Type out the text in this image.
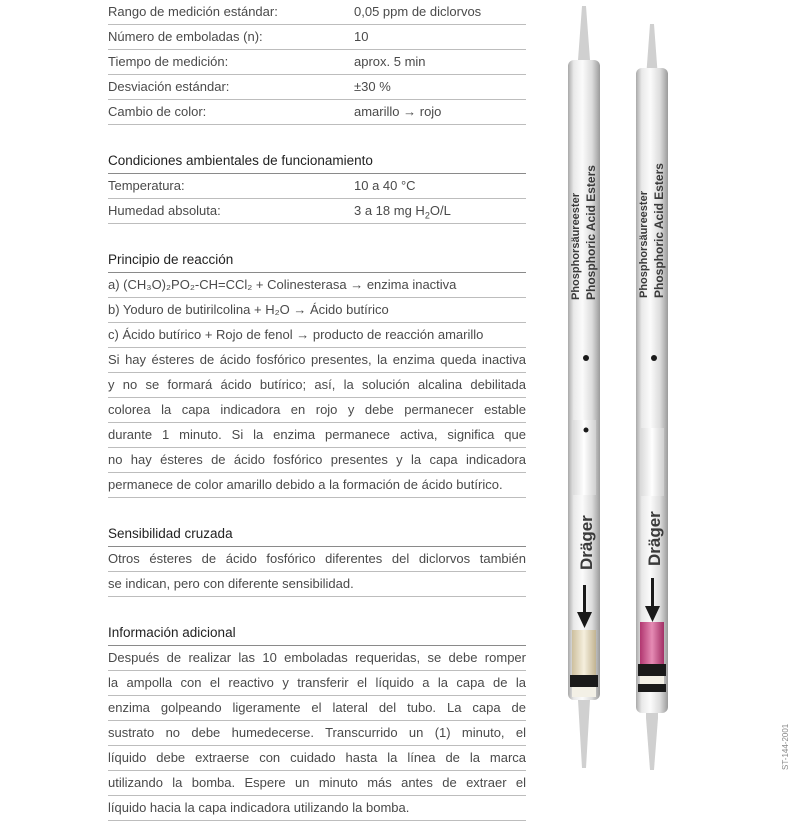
Rango de medición estándar:	0,05 ppm de diclorvos
Número de emboladas (n):	10
Tiempo de medición:	aprox. 5 min
Desviación estándar:	±30 %
Cambio de color:	amarillo → rojo
Condiciones ambientales de funcionamiento
Temperatura:	10 a 40 °C
Humedad absoluta:	3 a 18 mg $H_2O/L$
Principio de reacción
a) (CH₃O)₂PO₂-CH=CCl₂ + Colinesterasa → enzima inactiva
b) Yoduro de butirilcolina + H₂O → Ácido butírico
c) Ácido butírico + Rojo de fenol → producto de reacción amarillo
Si hay ésteres de ácido fosfórico presentes, la enzima queda inactiva
y no se formará ácido butírico; así, la solución alcalina debilitada
colorea la capa indicadora en rojo y debe permanecer estable
durante 1 minuto. Si la enzima permanece activa, significa que
no hay ésteres de ácido fosfórico presentes y la capa indicadora
permanece de color amarillo debido a la formación de ácido butírico.
Sensibilidad cruzada
Otros ésteres de ácido fosfórico diferentes del diclorvos también
se indican, pero con diferente sensibilidad.
Información adicional
Después de realizar las 10 emboladas requeridas, se debe romper
la ampolla con el reactivo y transferir el líquido a la capa de la
enzima golpeando ligeramente el lateral del tubo. La capa de
sustrato no debe humedecerse. Transcurrido un (1) minuto, el
líquido debe extraerse con cuidado hasta la línea de la marca
utilizando la bomba. Espere un minuto más antes de extraer el
líquido hacia la capa indicadora utilizando la bomba.
Phosphorsäureester Phosphoric Acid Esters
Dräger
Phosphorsäureester Phosphoric Acid Esters
Dräger
ST-144-2001
